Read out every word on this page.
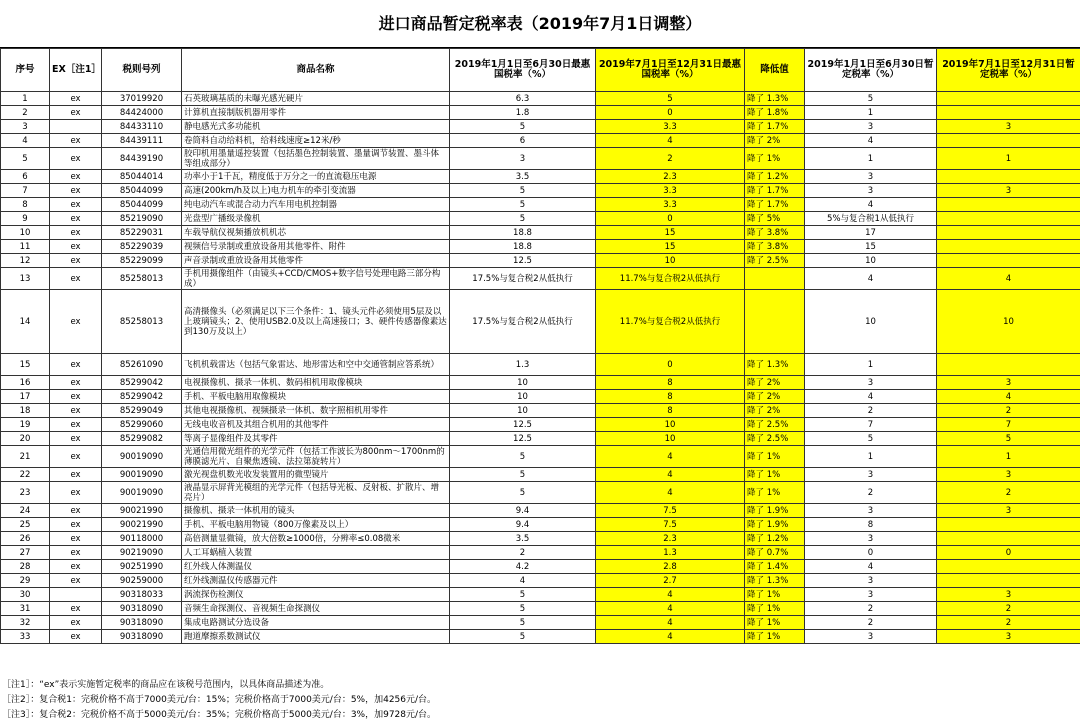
进口商品暂定税率表（2019年7月1日调整）
序号	EX［注1］	税则号列	商品名称	2019年1月1日至6月30日最惠国税率（%）	2019年7月1日至12月31日最惠国税率（%）	降低值	2019年1月1日至6月30日暂定税率（%）	2019年7月1日至12月31日暂定税率（%）
1	ex	37019920	石英玻璃基质的未曝光感光硬片	6.3	5	降了 1.3%	5	
2	ex	84424000	计算机直接制版机器用零件	1.8	0	降了 1.8%	1	
3		84433110	静电感光式多功能机	5	3.3	降了 1.7%	3	3
4	ex	84439111	卷筒料自动给料机，给料线速度≥12米/秒	6	4	降了 2%	4	
5	ex	84439190	胶印机用墨量遥控装置（包括墨色控制装置、墨量调节装置、墨斗体等组成部分）	3	2	降了 1%	1	1
6	ex	85044014	功率小于1千瓦，精度低于万分之一的直流稳压电源	3.5	2.3	降了 1.2%	3	
7	ex	85044099	高速(200km/h及以上)电力机车的牵引变流器	5	3.3	降了 1.7%	3	3
8	ex	85044099	纯电动汽车或混合动力汽车用电机控制器	5	3.3	降了 1.7%	4	
9	ex	85219090	光盘型广播级录像机	5	0	降了 5%	5%与复合税1从低执行	
10	ex	85229031	车载导航仪视频播放机机芯	18.8	15	降了 3.8%	17	
11	ex	85229039	视频信号录制或重放设备用其他零件、附件	18.8	15	降了 3.8%	15	
12	ex	85229099	声音录制或重放设备用其他零件	12.5	10	降了 2.5%	10	
13	ex	85258013	手机用摄像组件（由镜头+CCD/CMOS+数字信号处理电路三部分构成）	17.5%与复合税2从低执行	11.7%与复合税2从低执行		4	4
14	ex	85258013	高清摄像头（必须满足以下三个条件：1、镜头元件必须使用5层及以上玻璃镜头；2、使用USB2.0及以上高速接口；3、硬件传感器像素达到130万及以上）	17.5%与复合税2从低执行	11.7%与复合税2从低执行		10	10
15	ex	85261090	飞机机载雷达（包括气象雷达、地形雷达和空中交通管制应答系统）	1.3	0	降了 1.3%	1	
16	ex	85299042	电视摄像机、摄录一体机、数码相机用取像模块	10	8	降了 2%	3	3
17	ex	85299042	手机、平板电脑用取像模块	10	8	降了 2%	4	4
18	ex	85299049	其他电视摄像机、视频摄录一体机、数字照相机用零件	10	8	降了 2%	2	2
19	ex	85299060	无线电收音机及其组合机用的其他零件	12.5	10	降了 2.5%	7	7
20	ex	85299082	等离子显像组件及其零件	12.5	10	降了 2.5%	5	5
21	ex	90019090	光通信用微光组件的光学元件（包括工作波长为800nm～1700nm的薄膜滤光片、自聚焦透镜、法拉第旋转片）	5	4	降了 1%	1	1
22	ex	90019090	激光视盘机数光收发装置用的微型镜片	5	4	降了 1%	3	3
23	ex	90019090	液晶显示屏背光模组的光学元件（包括导光板、反射板、扩散片、增亮片）	5	4	降了 1%	2	2
24	ex	90021990	摄像机、摄录一体机用的镜头	9.4	7.5	降了 1.9%	3	3
25	ex	90021990	手机、平板电脑用物镜（800万像素及以上）	9.4	7.5	降了 1.9%	8	
26	ex	90118000	高倍测量显微镜，放大倍数≥1000倍，分辨率≤0.08微米	3.5	2.3	降了 1.2%	3	
27	ex	90219090	人工耳蜗植入装置	2	1.3	降了 0.7%	0	0
28	ex	90251990	红外线人体测温仪	4.2	2.8	降了 1.4%	4	
29	ex	90259000	红外线测温仪传感器元件	4	2.7	降了 1.3%	3	
30		90318033	涡流探伤检测仪	5	4	降了 1%	3	3
31	ex	90318090	音频生命探测仪、音视频生命探测仪	5	4	降了 1%	2	2
32	ex	90318090	集成电路测试分选设备	5	4	降了 1%	2	2
33	ex	90318090	跑道摩擦系数测试仪	5	4	降了 1%	3	3
［注1］：“ex”表示实施暂定税率的商品应在该税号范围内，以具体商品描述为准。
［注2］：复合税1：完税价格不高于7000美元/台：15%；完税价格高于7000美元/台：5%，加4256元/台。
［注3］：复合税2：完税价格不高于5000美元/台：35%；完税价格高于5000美元/台：3%，加9728元/台。
